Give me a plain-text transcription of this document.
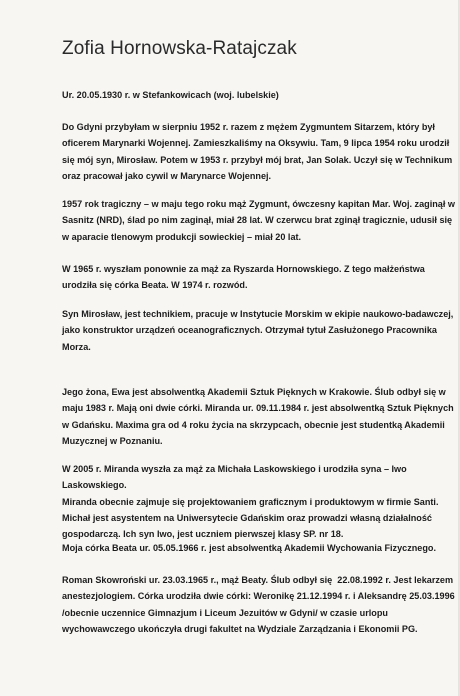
Zofia Hornowska-Ratajczak
Ur. 20.05.1930 r. w Stefankowicach (woj. lubelskie)
Do Gdyni przybyłam w sierpniu 1952 r. razem z mężem Zygmuntem Sitarzem, który był
oficerem Marynarki Wojennej. Zamieszkaliśmy na Oksywiu. Tam, 9 lipca 1954 roku urodził
się mój syn, Mirosław. Potem w 1953 r. przybył mój brat, Jan Solak. Uczył się w Technikum
oraz pracował jako cywil w Marynarce Wojennej.
1957 rok tragiczny – w maju tego roku mąż Zygmunt, ówczesny kapitan Mar. Woj. zaginął w
Sasnitz (NRD), ślad po nim zaginął, miał 28 lat. W czerwcu brat zginął tragicznie, udusił się
w aparacie tlenowym produkcji sowieckiej – miał 20 lat.
W 1965 r. wyszłam ponownie za mąż za Ryszarda Hornowskiego. Z tego małżeństwa
urodziła się córka Beata. W 1974 r. rozwód.
Syn Mirosław, jest technikiem, pracuje w Instytucie Morskim w ekipie naukowo-badawczej,
jako konstruktor urządzeń oceanograficznych. Otrzymał tytuł Zasłużonego Pracownika
Morza.
Jego żona, Ewa jest absolwentką Akademii Sztuk Pięknych w Krakowie. Ślub odbył się w
maju 1983 r. Mają oni dwie córki. Miranda ur. 09.11.1984 r. jest absolwentką Sztuk Pięknych
w Gdańsku. Maxima gra od 4 roku życia na skrzypcach, obecnie jest studentką Akademii
Muzycznej w Poznaniu.
W 2005 r. Miranda wyszła za mąż za Michała Laskowskiego i urodziła syna – Iwo
Laskowskiego.
Miranda obecnie zajmuje się projektowaniem graficznym i produktowym w firmie Santi.
Michał jest asystentem na Uniwersytecie Gdańskim oraz prowadzi własną działalność
gospodarczą. Ich syn Iwo, jest uczniem pierwszej klasy SP. nr 18.
Moja córka Beata ur. 05.05.1966 r. jest absolwentką Akademii Wychowania Fizycznego.
Roman Skowroński ur. 23.03.1965 r., mąż Beaty. Ślub odbył się  22.08.1992 r. Jest lekarzem
anestezjologiem. Córka urodziła dwie córki: Weronikę 21.12.1994 r. i Aleksandrę 25.03.1996
/obecnie uczennice Gimnazjum i Liceum Jezuitów w Gdyni/ w czasie urlopu
wychowawczego ukończyła drugi fakultet na Wydziale Zarządzania i Ekonomii PG.
